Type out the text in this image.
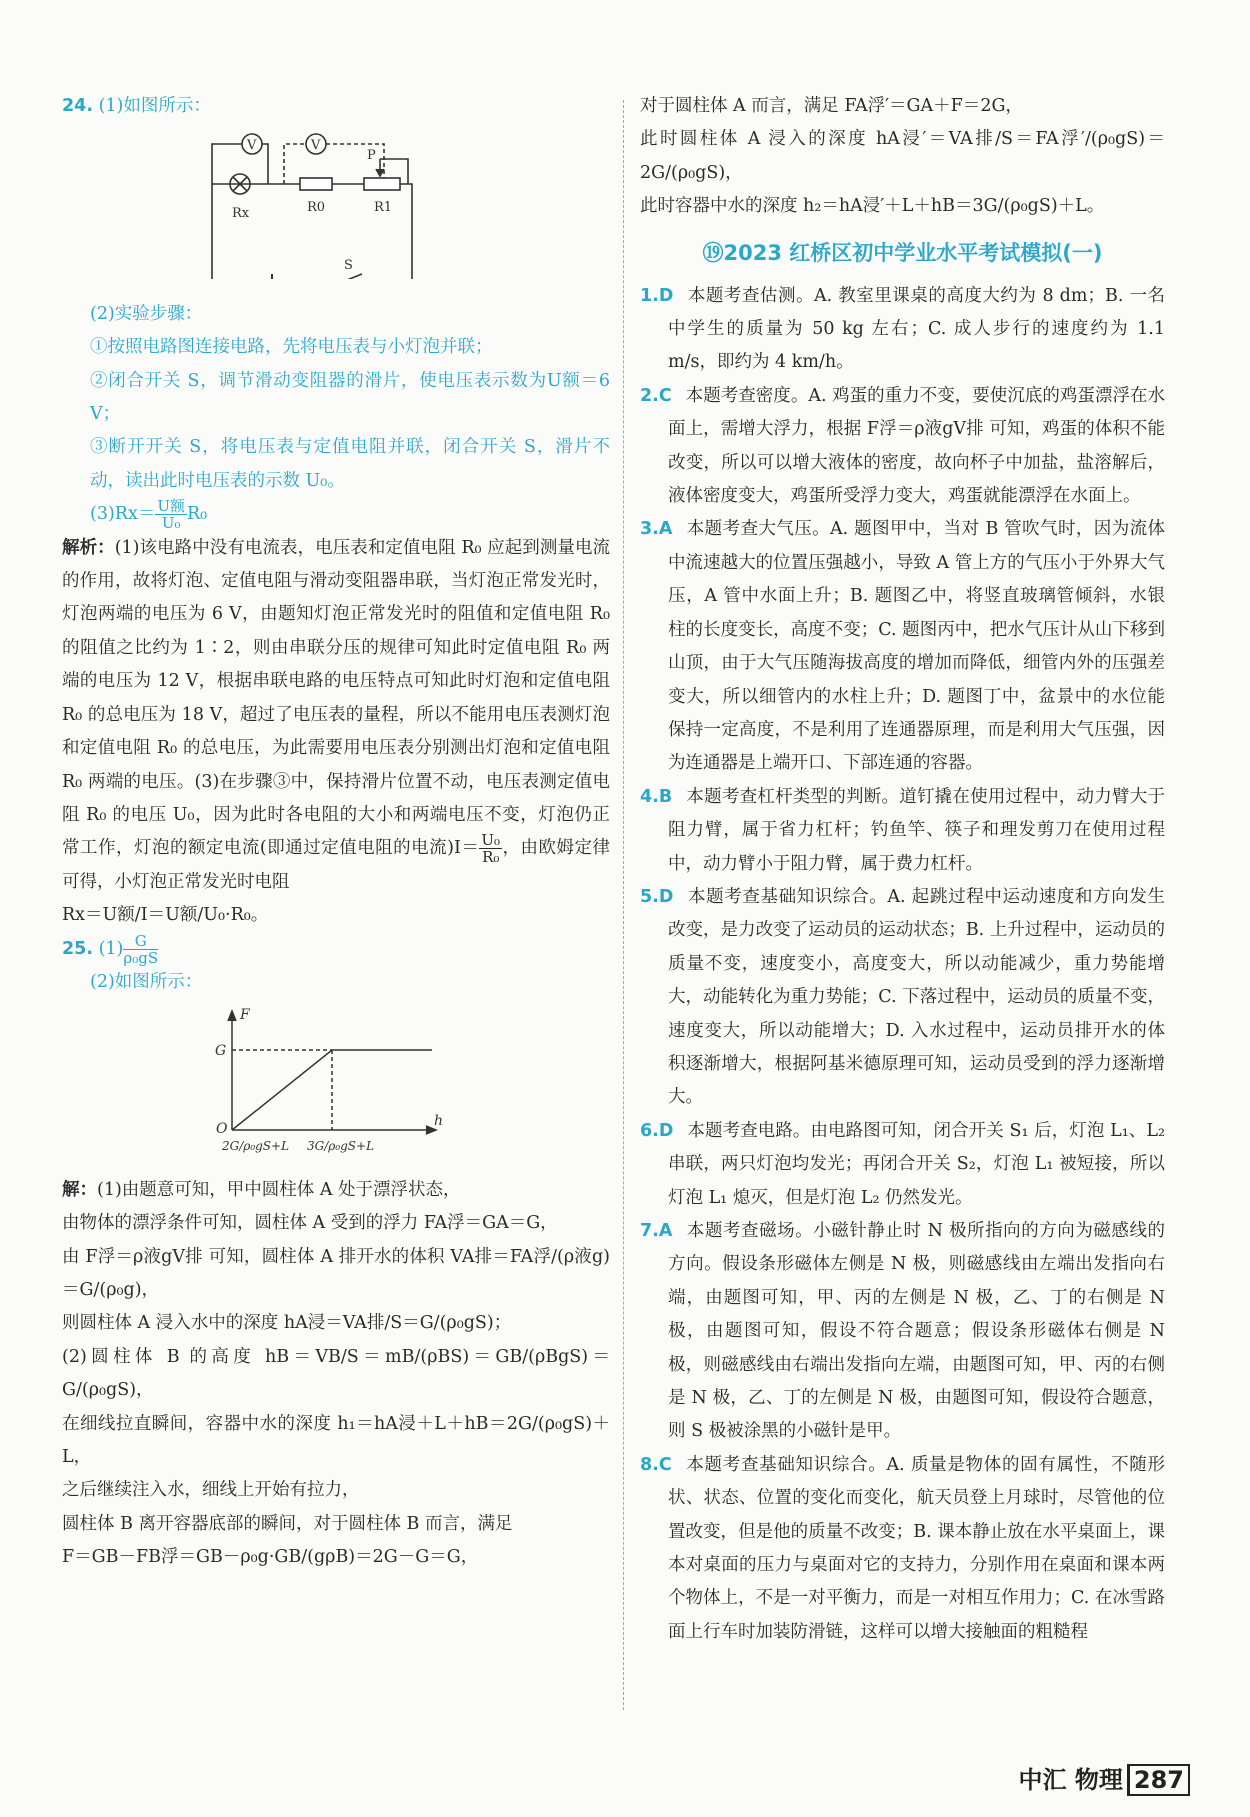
24. (1)如图所示：

V	V
Rx	R0	R1
P
S

(2)实验步骤：

①按照电路图连接电路，先将电压表与小灯泡并联；

②闭合开关 S，调节滑动变阻器的滑片，使电压表示数为U额＝6 V；

③断开开关 S，将电压表与定值电阻并联，闭合开关 S，滑片不动，读出此时电压表的示数 U₀。

$(3)Rx= \frac{\text{U额}}{\text{U₀}} R_0$

解析：(1)该电路中没有电流表，电压表和定值电阻 R₀ 应起到测量电流的作用，故将灯泡、定值电阻与滑动变阻器串联，当灯泡正常发光时，灯泡两端的电压为 6 V，由题知灯泡正常发光时的阻值和定值电阻 R₀ 的阻值之比约为 1∶2，则由串联分压的规律可知此时定值电阻 R₀ 两端的电压为 12 V，根据串联电路的电压特点可知此时灯泡和定值电阻 R₀ 的总电压为 18 V，超过了电压表的量程，所以不能用电压表测灯泡和定值电阻 R₀ 的总电压，为此需要用电压表分别测出灯泡和定值电阻 R₀ 两端的电压。(3)在步骤③中，保持滑片位置不动，电压表测定值电阻 R₀ 的电压 U₀，因为此时各电阻的大小和两端电压不变，灯泡仍正常工作，灯泡的额定电流(即通过定值电阻的电流)$I= \frac{\text{U₀}}{\text{R₀}}$ ，由欧姆定律可得，小灯泡正常发光时电阻

Rx＝U额/I＝U额/U₀·R₀。

25. $(1) \frac{G}{\text{ρ₀gS}}$

(2)如图所示：

F
G
O	h
2G/ρ₀gS+L 3G/ρ₀gS+L

解：(1)由题意可知，甲中圆柱体 A 处于漂浮状态，

由物体的漂浮条件可知，圆柱体 A 受到的浮力 FA浮＝GA＝G，

由 F浮＝ρ液gV排 可知，圆柱体 A 排开水的体积 VA排＝FA浮/(ρ液g)＝G/(ρ₀g)，

则圆柱体 A 浸入水中的深度 hA浸＝VA排/S＝G/(ρ₀gS)；

(2)圆柱体 B 的高度 hB＝VB/S＝mB/(ρBS)＝GB/(ρBgS)＝G/(ρ₀gS)，

在细线拉直瞬间，容器中水的深度 h₁＝hA浸＋L＋hB＝2G/(ρ₀gS)＋L，

之后继续注入水，细线上开始有拉力，

圆柱体 B 离开容器底部的瞬间，对于圆柱体 B 而言，满足

F＝GB－FB浮＝GB－ρ₀g·GB/(gρB)＝2G－G＝G，

对于圆柱体 A 而言，满足 FA浮′＝GA＋F＝2G，

此时圆柱体 A 浸入的深度 hA浸′＝VA排/S＝FA浮′/(ρ₀gS)＝2G/(ρ₀gS)，

此时容器中水的深度 h₂＝hA浸′＋L＋hB＝3G/(ρ₀gS)＋L。

⑲2023 红桥区初中学业水平考试模拟(一)

1.D 本题考查估测。A. 教室里课桌的高度大约为 8 dm；B. 一名中学生的质量为 50 kg 左右；C. 成人步行的速度约为 1.1 m/s，即约为 4 km/h。

2.C 本题考查密度。A. 鸡蛋的重力不变，要使沉底的鸡蛋漂浮在水面上，需增大浮力，根据 F浮＝ρ液gV排 可知，鸡蛋的体积不能改变，所以可以增大液体的密度，故向杯子中加盐，盐溶解后，液体密度变大，鸡蛋所受浮力变大，鸡蛋就能漂浮在水面上。

3.A 本题考查大气压。A. 题图甲中，当对 B 管吹气时，因为流体中流速越大的位置压强越小，导致 A 管上方的气压小于外界大气压，A 管中水面上升；B. 题图乙中，将竖直玻璃管倾斜，水银柱的长度变长，高度不变；C. 题图丙中，把水气压计从山下移到山顶，由于大气压随海拔高度的增加而降低，细管内外的压强差变大，所以细管内的水柱上升；D. 题图丁中，盆景中的水位能保持一定高度，不是利用了连通器原理，而是利用大气压强，因为连通器是上端开口、下部连通的容器。

4.B 本题考查杠杆类型的判断。道钉撬在使用过程中，动力臂大于阻力臂，属于省力杠杆；钓鱼竿、筷子和理发剪刀在使用过程中，动力臂小于阻力臂，属于费力杠杆。

5.D 本题考查基础知识综合。A. 起跳过程中运动速度和方向发生改变，是力改变了运动员的运动状态；B. 上升过程中，运动员的质量不变，速度变小，高度变大，所以动能减少，重力势能增大，动能转化为重力势能；C. 下落过程中，运动员的质量不变，速度变大，所以动能增大；D. 入水过程中，运动员排开水的体积逐渐增大，根据阿基米德原理可知，运动员受到的浮力逐渐增大。

6.D 本题考查电路。由电路图可知，闭合开关 S₁ 后，灯泡 L₁、L₂ 串联，两只灯泡均发光；再闭合开关 S₂，灯泡 L₁ 被短接，所以灯泡 L₁ 熄灭，但是灯泡 L₂ 仍然发光。

7.A 本题考查磁场。小磁针静止时 N 极所指向的方向为磁感线的方向。假设条形磁体左侧是 N 极，则磁感线由左端出发指向右端，由题图可知，甲、丙的左侧是 N 极，乙、丁的右侧是 N 极，由题图可知，假设不符合题意；假设条形磁体右侧是 N 极，则磁感线由右端出发指向左端，由题图可知，甲、丙的右侧是 N 极，乙、丁的左侧是 N 极，由题图可知，假设符合题意，则 S 极被涂黑的小磁针是甲。

8.C 本题考查基础知识综合。A. 质量是物体的固有属性，不随形状、状态、位置的变化而变化，航天员登上月球时，尽管他的位置改变，但是他的质量不改变；B. 课本静止放在水平桌面上，课本对桌面的压力与桌面对它的支持力，分别作用在桌面和课本两个物体上，不是一对平衡力，而是一对相互作用力；C. 在冰雪路面上行车时加装防滑链，这样可以增大接触面的粗糙程

中汇 物理 287
